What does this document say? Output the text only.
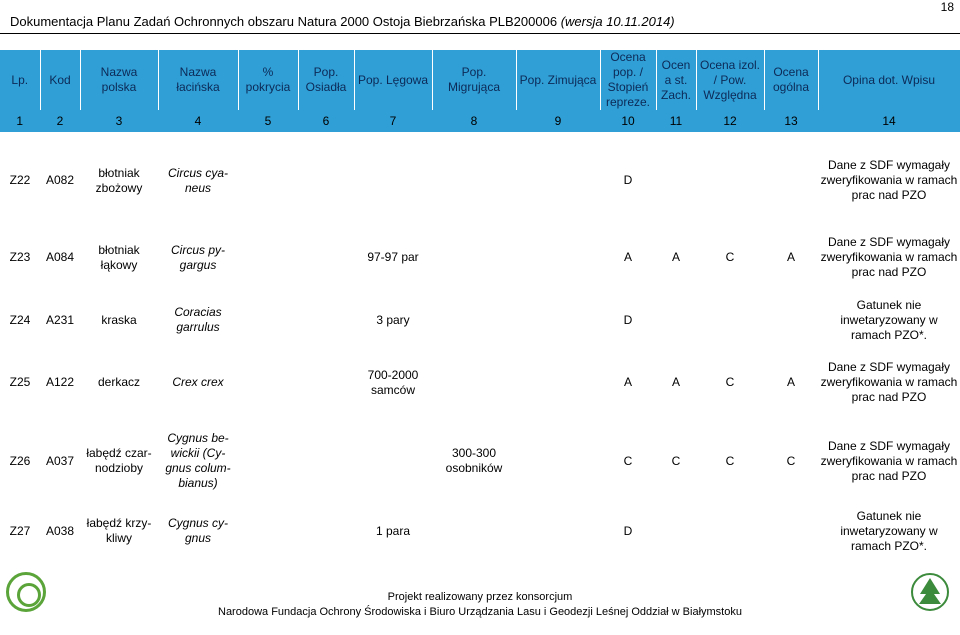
Dokumentacja Planu Zadań Ochronnych obszaru Natura 2000 Ostoja Biebrzańska PLB200006 (wersja 10.11.2014)
18
Lp.	Kod	Nazwa polska	Nazwa łacińska	% pokrycia	Pop. Osiadła	Pop. Lęgowa	Pop. Migrująca	Pop. Zimująca	Ocena pop. / Stopień repreze.	Ocen a st. Zach.	Ocena izol. / Pow. Względna	Ocena ogólna	Opina dot. Wpisu
1	2	3	4	5	6	7	8	9	10	11	12	13	14

Z22	A082	błotniak zbożowy	Circus cya-neus						D				Dane z SDF wymagały zweryfikowania w ramach prac nad PZO
Z23	A084	błotniak łąkowy	Circus py-gargus			97-97 par			A	A	C	A	Dane z SDF wymagały zweryfikowania w ramach prac nad PZO
Z24	A231	kraska	Coracias garrulus			3 pary			D				Gatunek nie inwetaryzowany w ramach PZO*.
Z25	A122	derkacz	Crex crex			700-2000 samców			A	A	C	A	Dane z SDF wymagały zweryfikowania w ramach prac nad PZO
Z26	A037	łabędź czar-nodzioby	Cygnus be-wickii (Cy-gnus colum-bianus)				300-300 osobników		C	C	C	C	Dane z SDF wymagały zweryfikowania w ramach prac nad PZO
Z27	A038	łabędź krzy-kliwy	Cygnus cy-gnus			1 para			D				Gatunek nie inwetaryzowany w ramach PZO*.
Projekt realizowany przez konsorcjum
Narodowa Fundacja Ochrony Środowiska i Biuro Urządzania Lasu i Geodezji Leśnej Oddział w Białymstoku
